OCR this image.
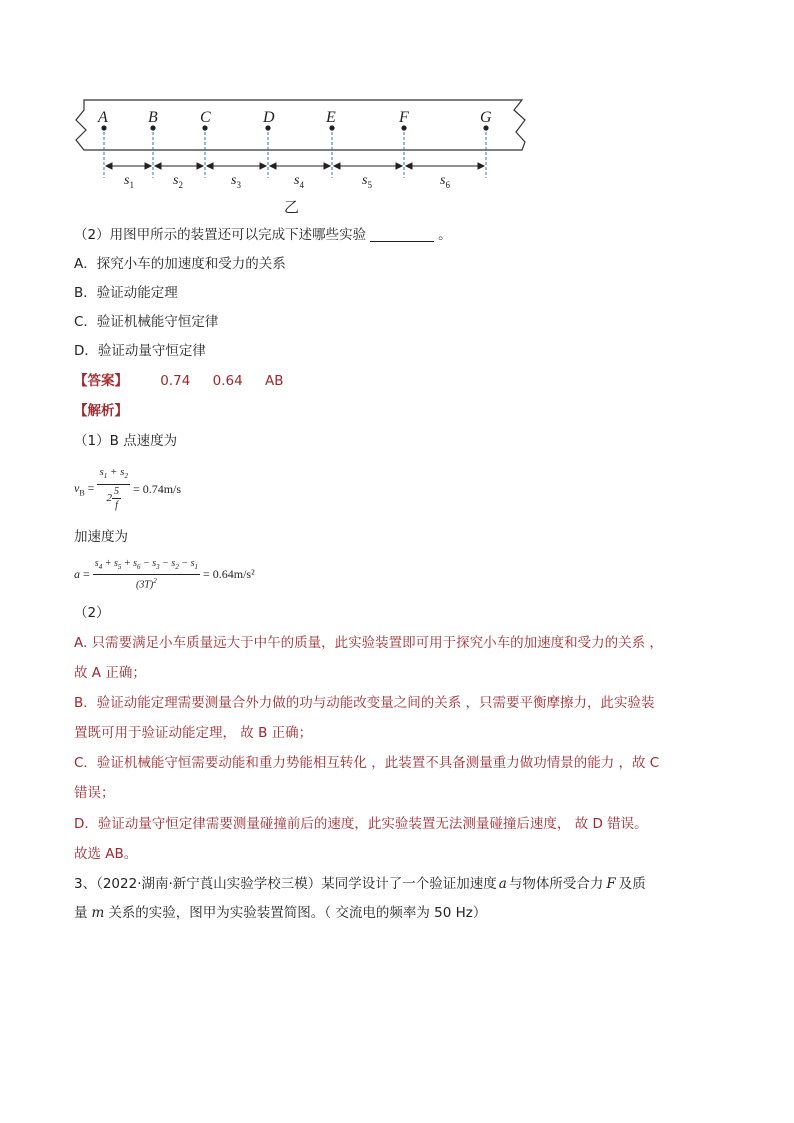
A	B	C	D	E	F	G
$s_1$	$s_2$	$s_3$	$s_4$	$s_5$	$s_6$
乙
（2）用图甲所示的装置还可以完成下述哪些实验	。
A．探究小车的加速度和受力的关系
B．验证动能定理
C．验证机械能守恒定律
D．验证动量守恒定律
【答案】 0.74 0.64 AB
【解析】
（1）B 点速度为
$v_B = \frac{s_1 + s_2}{2 \frac{5}{f}} = 0.74m/s$
加速度为
$a = \frac{s_4 + s_5 + s_6 - s_3 - s_2 - s_1}{(3T)^2} = 0.64m/s^2$
（2）
A. 只需要满足小车质量远大于中午的质量，此实验装置即可用于探究小车的加速度和受力的关系 ，
故 A 正确；
B．验证动能定理需要测量合外力做的功与动能改变量之间的关系 ，只需要平衡摩擦力，此实验装
置既可用于验证动能定理， 故 B 正确；
C．验证机械能守恒需要动能和重力势能相互转化 ，此装置不具备测量重力做功情景的能力 ，故 C
错误；
D．验证动量守恒定律需要测量碰撞前后的速度，此实验装置无法测量碰撞后速度， 故 D 错误。
故选 AB。
3、（2022·湖南·新宁莨山实验学校三模）某同学设计了一个验证加速度 a 与物体所受合力 F 及质
量 m 关系的实验，图甲为实验装置简图。（ 交流电的频率为 50 Hz）
